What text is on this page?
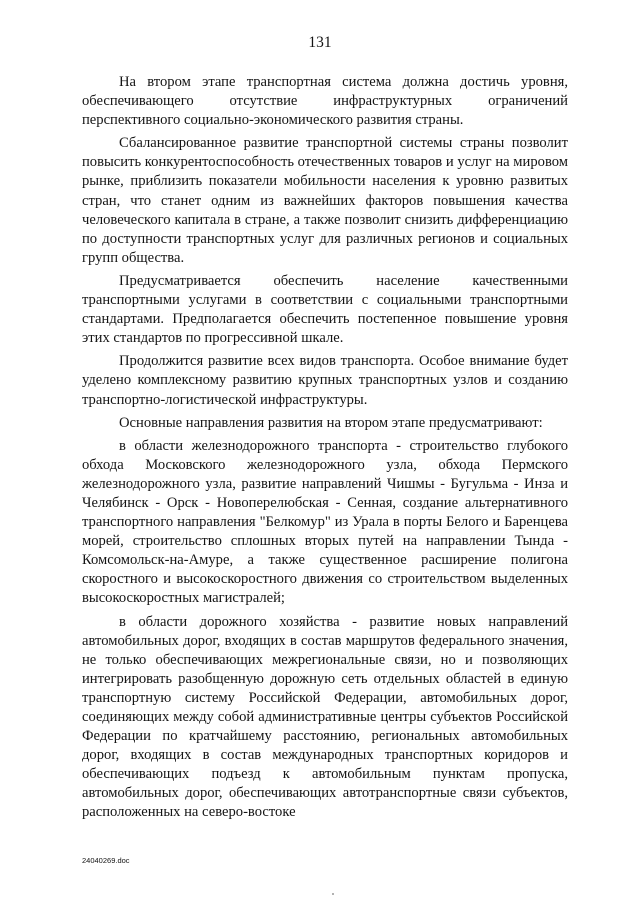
131

На втором этапе транспортная система должна достичь уровня, обеспечивающего отсутствие инфраструктурных ограничений перспективного социально-экономического развития страны.

Сбалансированное развитие транспортной системы страны позволит повысить конкурентоспособность отечественных товаров и услуг на мировом рынке, приблизить показатели мобильности населения к уровню развитых стран, что станет одним из важнейших факторов повышения качества человеческого капитала в стране, а также позволит снизить дифференциацию по доступности транспортных услуг для различных регионов и социальных групп общества.

Предусматривается обеспечить население качественными транспортными услугами в соответствии с социальными транспортными стандартами. Предполагается обеспечить постепенное повышение уровня этих стандартов по прогрессивной шкале.

Продолжится развитие всех видов транспорта. Особое внимание будет уделено комплексному развитию крупных транспортных узлов и созданию транспортно-логистической инфраструктуры.

Основные направления развития на втором этапе предусматривают:

в области железнодорожного транспорта - строительство глубокого обхода Московского железнодорожного узла, обхода Пермского железнодорожного узла, развитие направлений Чишмы - Бугульма - Инза и Челябинск - Орск - Новоперелюбская - Сенная, создание альтернативного транспортного направления "Белкомур" из Урала в порты Белого и Баренцева морей, строительство сплошных вторых путей на направлении Тында - Комсомольск-на-Амуре, а также существенное расширение полигона скоростного и высокоскоростного движения со строительством выделенных высокоскоростных магистралей;

в области дорожного хозяйства - развитие новых направлений автомобильных дорог, входящих в состав маршрутов федерального значения, не только обеспечивающих межрегиональные связи, но и позволяющих интегрировать разобщенную дорожную сеть отдельных областей в единую транспортную систему Российской Федерации, автомобильных дорог, соединяющих между собой административные центры субъектов Российской Федерации по кратчайшему расстоянию, региональных автомобильных дорог, входящих в состав международных транспортных коридоров и обеспечивающих подъезд к автомобильным пунктам пропуска, автомобильных дорог, обеспечивающих автотранспортные связи субъектов, расположенных на северо-востоке

24040269.doc
